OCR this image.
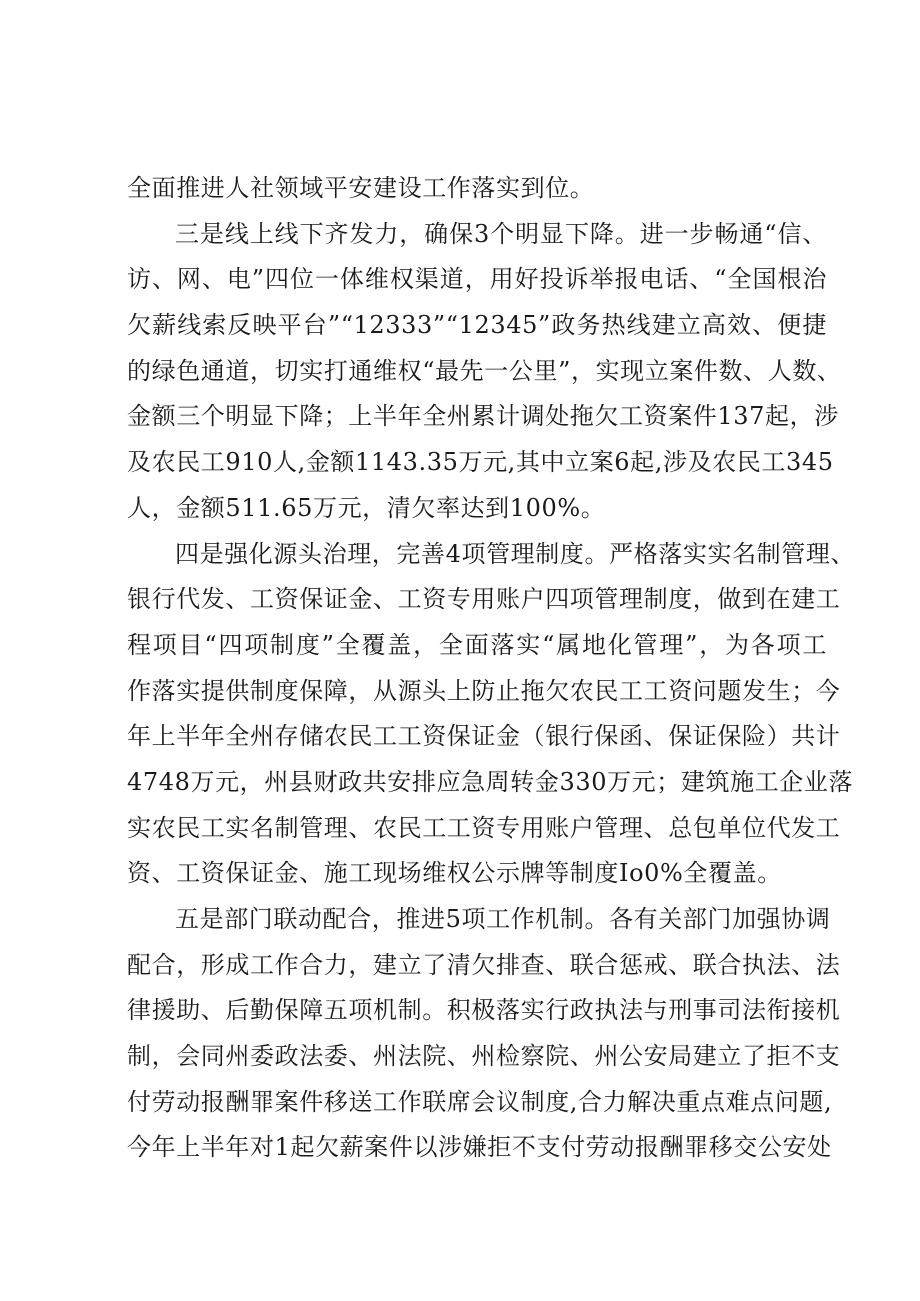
全面推进人社领域平安建设工作落实到位。
三是线上线下齐发力，确保3个明显下降。进一步畅通“信、
访、网、电”四位一体维权渠道，用好投诉举报电话、“全国根治
欠薪线索反映平台”“12333”“12345”政务热线建立高效、便捷
的绿色通道，切实打通维权“最先一公里”，实现立案件数、人数、
金额三个明显下降；上半年全州累计调处拖欠工资案件137起，涉
及农民工910人,金额1143.35万元,其中立案6起,涉及农民工345
人，金额511.65万元，清欠率达到100%。
四是强化源头治理，完善4项管理制度。严格落实实名制管理、
银行代发、工资保证金、工资专用账户四项管理制度，做到在建工
程项目“四项制度”全覆盖，全面落实“属地化管理”，为各项工
作落实提供制度保障，从源头上防止拖欠农民工工资问题发生；今
年上半年全州存储农民工工资保证金（银行保函、保证保险）共计
4748万元，州县财政共安排应急周转金330万元；建筑施工企业落
实农民工实名制管理、农民工工资专用账户管理、总包单位代发工
资、工资保证金、施工现场维权公示牌等制度Io0%全覆盖。
五是部门联动配合，推进5项工作机制。各有关部门加强协调
配合，形成工作合力，建立了清欠排查、联合惩戒、联合执法、法
律援助、后勤保障五项机制。积极落实行政执法与刑事司法衔接机
制，会同州委政法委、州法院、州检察院、州公安局建立了拒不支
付劳动报酬罪案件移送工作联席会议制度,合力解决重点难点问题,
今年上半年对1起欠薪案件以涉嫌拒不支付劳动报酬罪移交公安处
